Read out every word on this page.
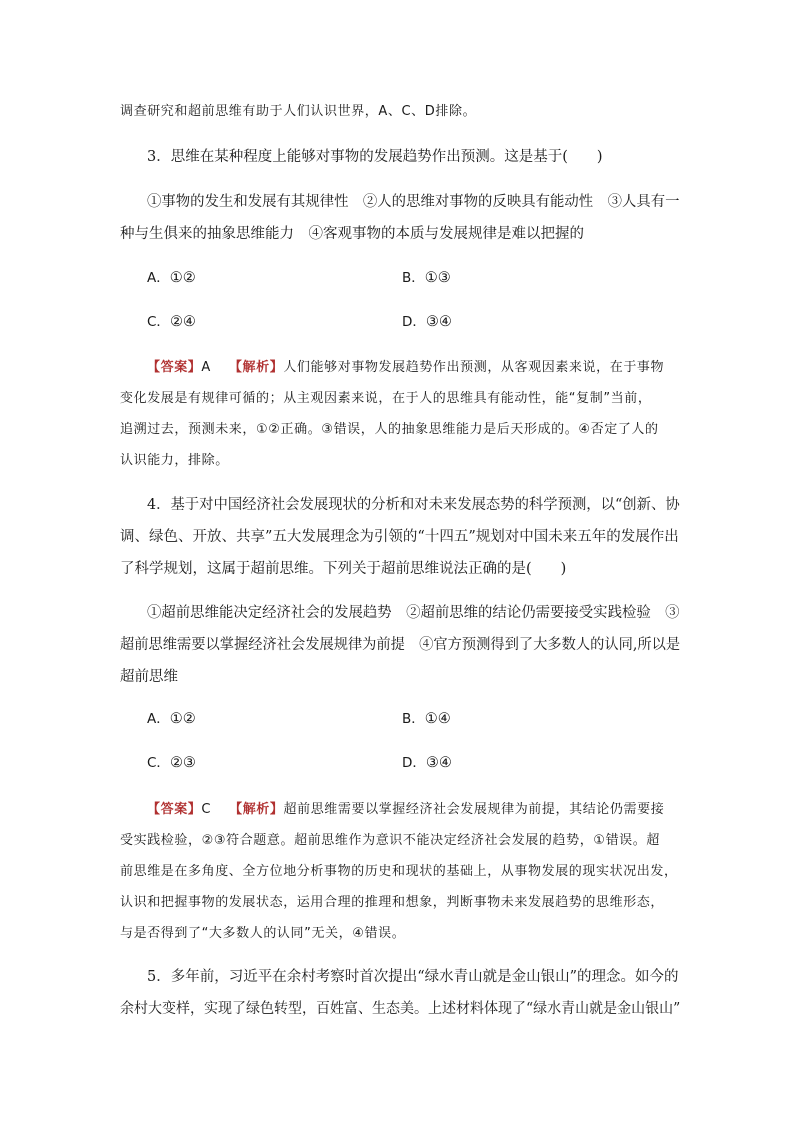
调查研究和超前思维有助于人们认识世界，A、C、D排除。
3．思维在某种程度上能够对事物的发展趋势作出预测。这是基于(　　)
①事物的发生和发展有其规律性　②人的思维对事物的反映具有能动性　③人具有一
种与生俱来的抽象思维能力　④客观事物的本质与发展规律是难以把握的
A．①②	B．①③
C．②④	D．③④
【答案】A 【解析】人们能够对事物发展趋势作出预测，从客观因素来说，在于事物
变化发展是有规律可循的；从主观因素来说，在于人的思维具有能动性，能“复制”当前，
追溯过去，预测未来，①②正确。③错误，人的抽象思维能力是后天形成的。④否定了人的
认识能力，排除。
4．基于对中国经济社会发展现状的分析和对未来发展态势的科学预测，以“创新、协
调、绿色、开放、共享”五大发展理念为引领的“十四五”规划对中国未来五年的发展作出
了科学规划，这属于超前思维。下列关于超前思维说法正确的是(　　)
①超前思维能决定经济社会的发展趋势　②超前思维的结论仍需要接受实践检验　③
超前思维需要以掌握经济社会发展规律为前提　④官方预测得到了大多数人的认同,所以是
超前思维
A．①②	B．①④
C．②③	D．③④
【答案】C 【解析】超前思维需要以掌握经济社会发展规律为前提，其结论仍需要接
受实践检验，②③符合题意。超前思维作为意识不能决定经济社会发展的趋势，①错误。超
前思维是在多角度、全方位地分析事物的历史和现状的基础上，从事物发展的现实状况出发，
认识和把握事物的发展状态，运用合理的推理和想象，判断事物未来发展趋势的思维形态，
与是否得到了“大多数人的认同”无关，④错误。
5．多年前，习近平在余村考察时首次提出“绿水青山就是金山银山”的理念。如今的
余村大变样，实现了绿色转型，百姓富、生态美。上述材料体现了“绿水青山就是金山银山”
